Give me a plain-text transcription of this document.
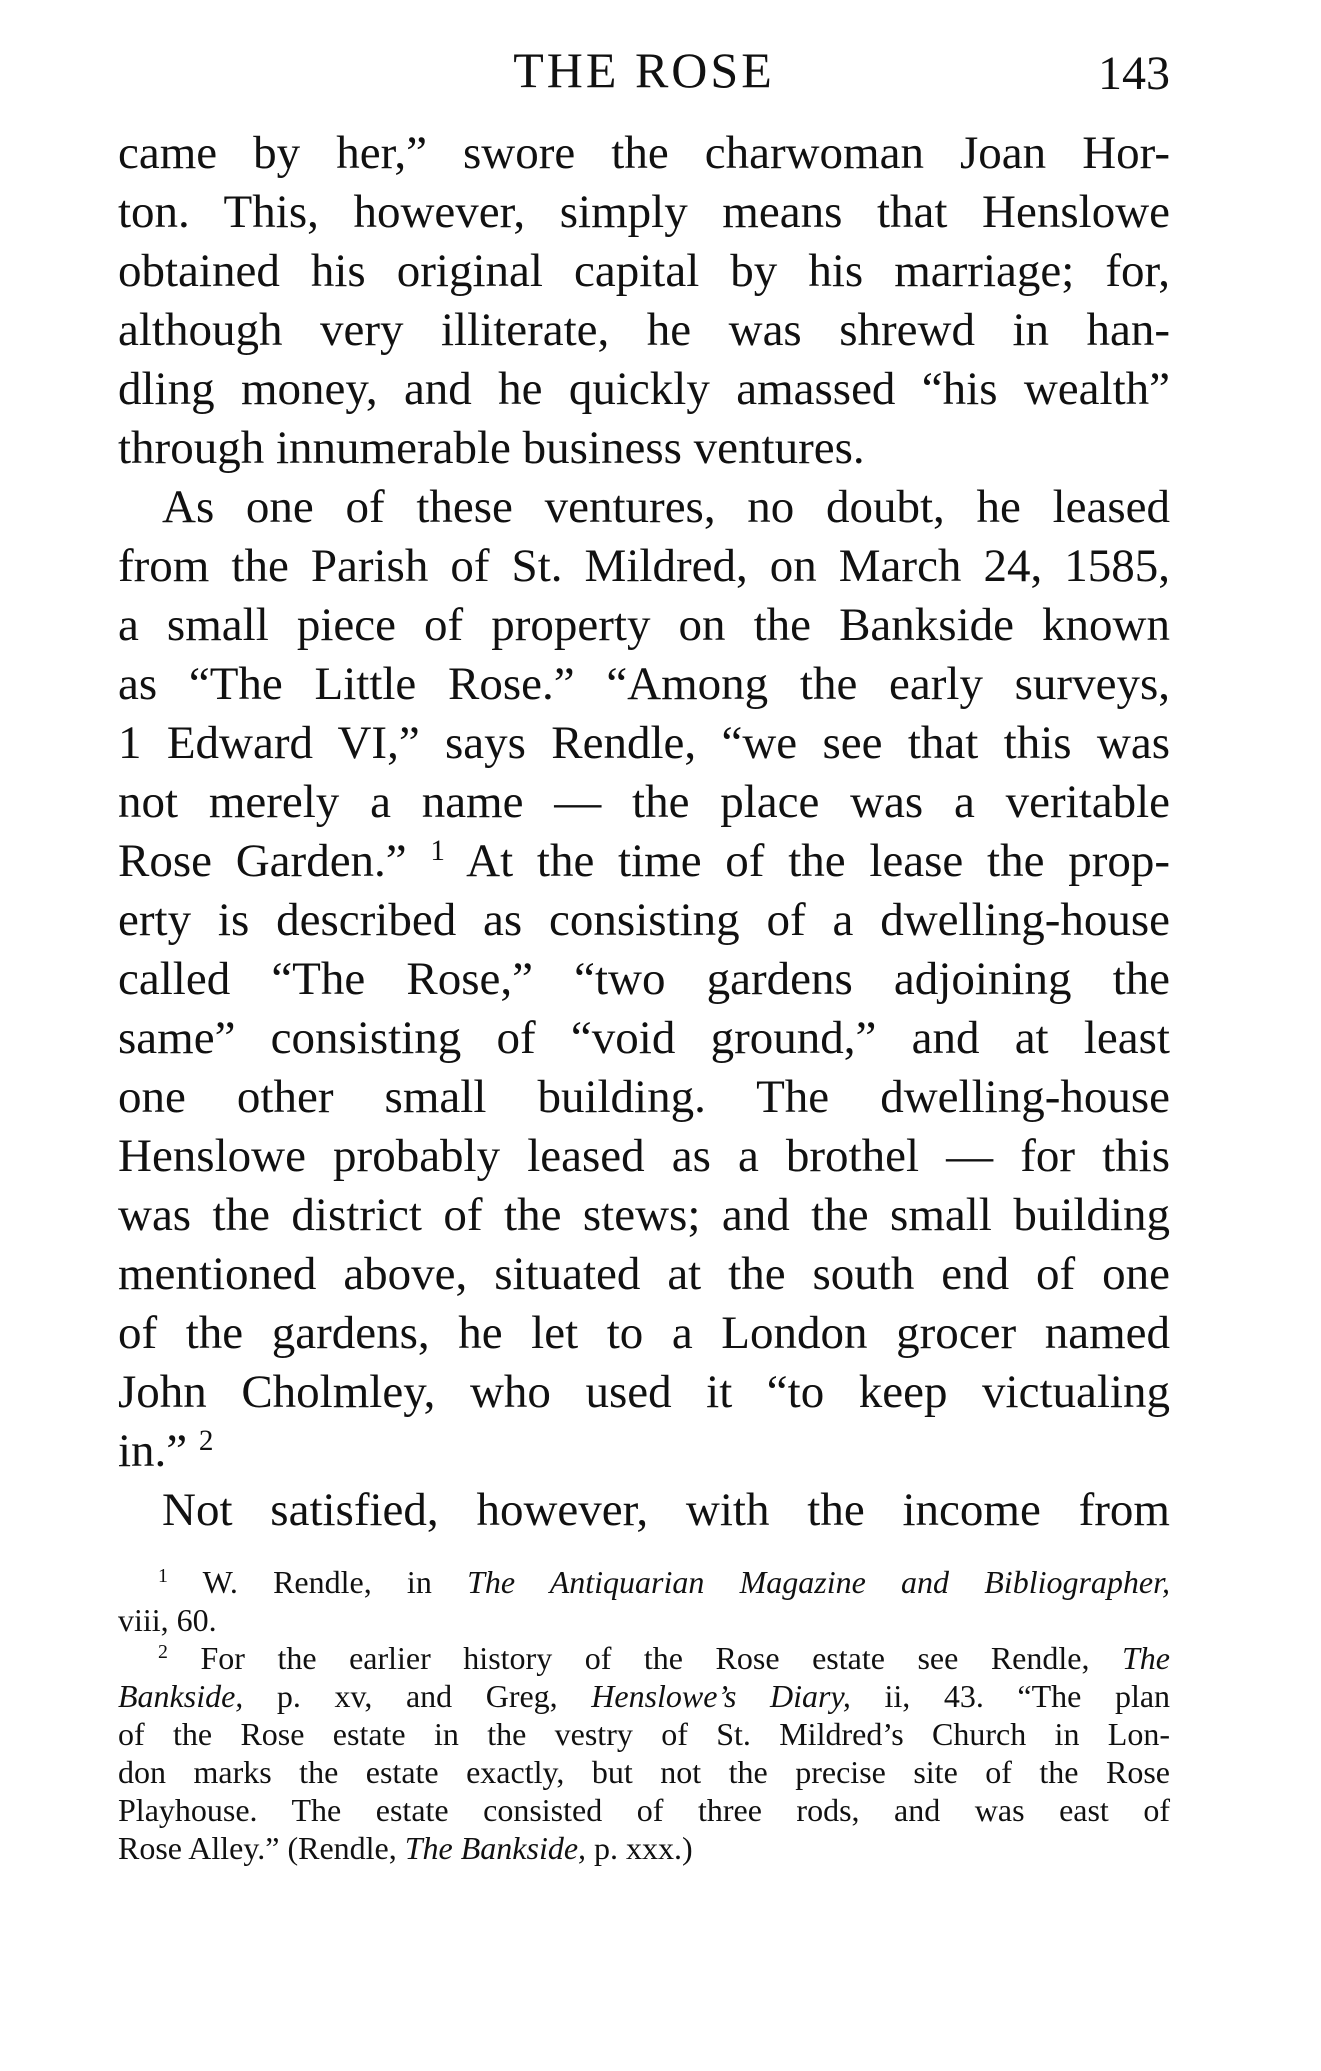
THE ROSE	143
came by her,” swore the charwoman Joan Hor-
ton. This, however, simply means that Henslowe
obtained his original capital by his marriage; for,
although very illiterate, he was shrewd in han-
dling money, and he quickly amassed “his wealth”
through innumerable business ventures.
As one of these ventures, no doubt, he leased
from the Parish of St. Mildred, on March 24, 1585,
a small piece of property on the Bankside known
as “The Little Rose.” “Among the early surveys,
1 Edward VI,” says Rendle, “we see that this was
not merely a name — the place was a veritable
Rose Garden.” $^1$ At the time of the lease the prop-
erty is described as consisting of a dwelling-house
called “The Rose,” “two gardens adjoining the
same” consisting of “void ground,” and at least
one other small building. The dwelling-house
Henslowe probably leased as a brothel — for this
was the district of the stews; and the small building
mentioned above, situated at the south end of one
of the gardens, he let to a London grocer named
John Cholmley, who used it “to keep victualing
in.” $^2$
Not satisfied, however, with the income from
$^1$ W. Rendle, in The Antiquarian Magazine and Bibliographer,
viii, 60.
$^2$ For the earlier history of the Rose estate see Rendle, The
Bankside, p. xv, and Greg, Henslowe’s Diary, ii, 43. “The plan
of the Rose estate in the vestry of St. Mildred’s Church in Lon-
don marks the estate exactly, but not the precise site of the Rose
Playhouse. The estate consisted of three rods, and was east of
Rose Alley.” (Rendle, The Bankside, p. xxx.)
